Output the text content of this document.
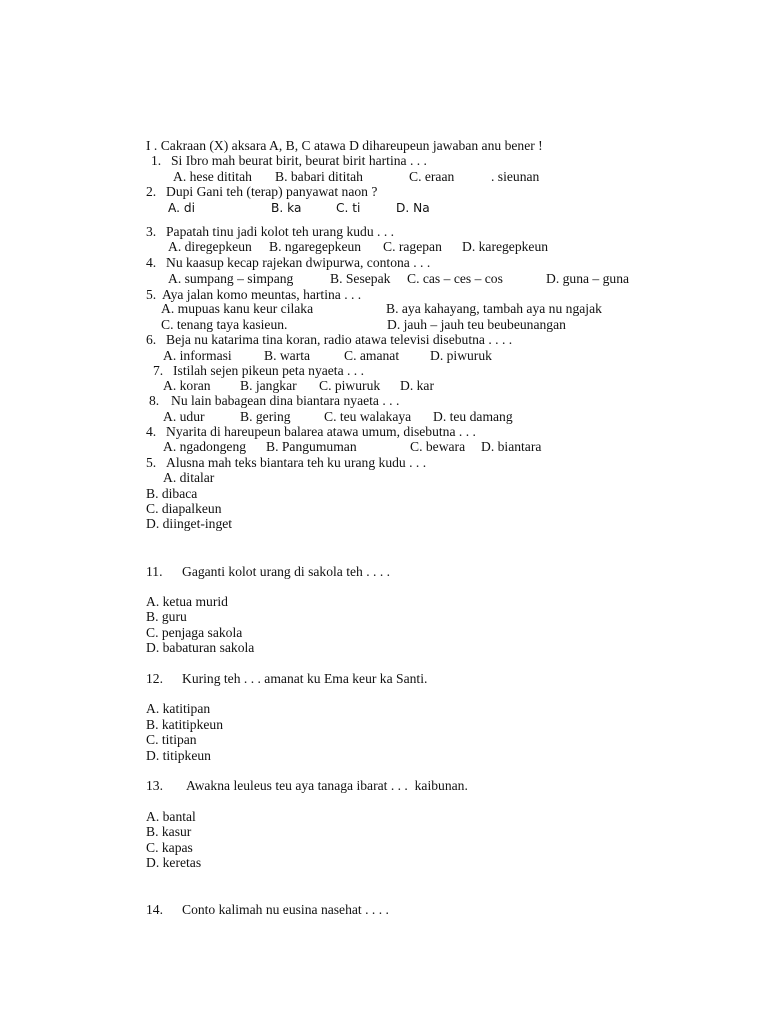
I . Cakraan (X) aksara A, B, C atawa D dihareupeun jawaban anu bener !
1. Si Ibro mah beurat birit, beurat birit hartina . . .
A. hese dititah B. babari dititah	C. eraan	. sieunan
2. Dupi Gani teh (terap) panyawat naon ?
A. di	B. ka	C. ti	D. Na
3. Papatah tinu jadi kolot teh urang kudu . . .
A. diregepkeun B. ngaregepkeun C. ragepan D. karegepkeun
4. Nu kaasup kecap rajekan dwipurwa, contona . . .
A. sumpang – simpang	B. Sesepak C. cas – ces – cos	D. guna – guna
5. Aya jalan komo meuntas, hartina . . .
A. mupuas kanu keur cilaka	B. aya kahayang, tambah aya nu ngajak
C. tenang taya kasieun.	D. jauh – jauh teu beubeunangan
6. Beja nu katarima tina koran, radio atawa televisi disebutna . . . .
A. informasi B. warta C. amanat D. piwuruk
7. Istilah sejen pikeun peta nyaeta . . .
A. koran B. jangkar C. piwuruk D. kar
8. Nu lain babagean dina biantara nyaeta . . .
A. udur	B. gering C. teu walakaya D. teu damang
4. Nyarita di hareupeun balarea atawa umum, disebutna . . .
A. ngadongeng B. Pangumuman	C. bewara D. biantara
5. Alusna mah teks biantara teh ku urang kudu . . .
A. ditalar
B. dibaca
C. diapalkeun
D. diinget-inget
11. Gaganti kolot urang di sakola teh . . . .
A. ketua murid
B. guru
C. penjaga sakola
D. babaturan sakola
12. Kuring teh . . . amanat ku Ema keur ka Santi.
A. katitipan
B. katitipkeun
C. titipan
D. titipkeun
13. Awakna leuleus teu aya tanaga ibarat . . .  kaibunan.
A. bantal
B. kasur
C. kapas
D. keretas
14. Conto kalimah nu eusina nasehat . . . .
